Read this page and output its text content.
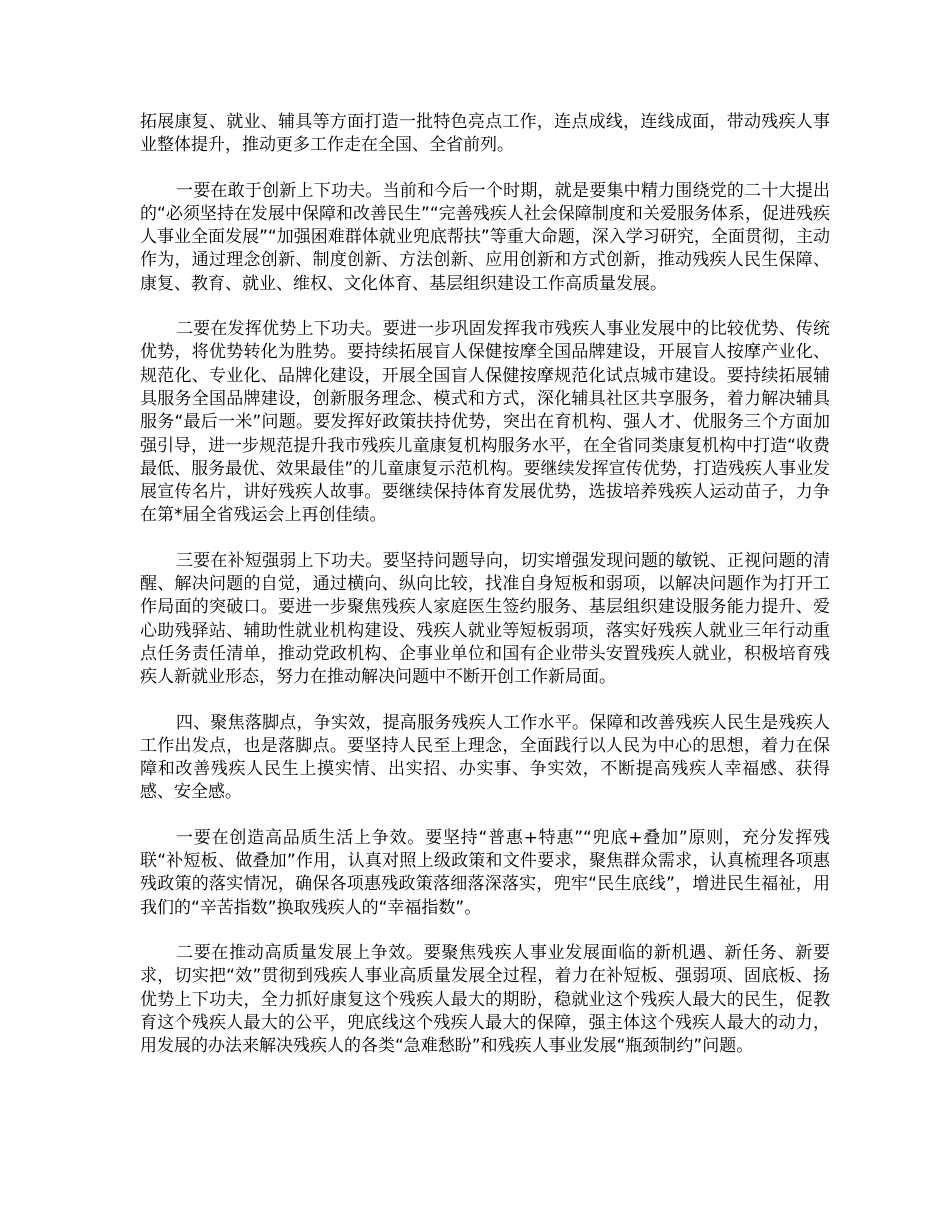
拓展康复、就业、辅具等方面打造一批特色亮点工作，连点成线，连线成面，带动残疾人事业整体提升，推动更多工作走在全国、全省前列。

一要在敢于创新上下功夫。当前和今后一个时期，就是要集中精力围绕党的二十大提出的“必须坚持在发展中保障和改善民生”“完善残疾人社会保障制度和关爱服务体系，促进残疾人事业全面发展”“加强困难群体就业兜底帮扶”等重大命题，深入学习研究，全面贯彻，主动作为，通过理念创新、制度创新、方法创新、应用创新和方式创新，推动残疾人民生保障、康复、教育、就业、维权、文化体育、基层组织建设工作高质量发展。

二要在发挥优势上下功夫。要进一步巩固发挥我市残疾人事业发展中的比较优势、传统优势，将优势转化为胜势。要持续拓展盲人保健按摩全国品牌建设，开展盲人按摩产业化、规范化、专业化、品牌化建设，开展全国盲人保健按摩规范化试点城市建设。要持续拓展辅具服务全国品牌建设，创新服务理念、模式和方式，深化辅具社区共享服务，着力解决辅具服务“最后一米”问题。要发挥好政策扶持优势，突出在育机构、强人才、优服务三个方面加强引导，进一步规范提升我市残疾儿童康复机构服务水平，在全省同类康复机构中打造“收费最低、服务最优、效果最佳”的儿童康复示范机构。要继续发挥宣传优势，打造残疾人事业发展宣传名片，讲好残疾人故事。要继续保持体育发展优势，选拔培养残疾人运动苗子，力争在第*届全省残运会上再创佳绩。

三要在补短强弱上下功夫。要坚持问题导向，切实增强发现问题的敏锐、正视问题的清醒、解决问题的自觉，通过横向、纵向比较，找准自身短板和弱项，以解决问题作为打开工作局面的突破口。要进一步聚焦残疾人家庭医生签约服务、基层组织建设服务能力提升、爱心助残驿站、辅助性就业机构建设、残疾人就业等短板弱项，落实好残疾人就业三年行动重点任务责任清单，推动党政机构、企事业单位和国有企业带头安置残疾人就业，积极培育残疾人新就业形态，努力在推动解决问题中不断开创工作新局面。

四、聚焦落脚点，争实效，提高服务残疾人工作水平。保障和改善残疾人民生是残疾人工作出发点，也是落脚点。要坚持人民至上理念，全面践行以人民为中心的思想，着力在保障和改善残疾人民生上摸实情、出实招、办实事、争实效，不断提高残疾人幸福感、获得感、安全感。

一要在创造高品质生活上争效。要坚持“普惠+特惠”“兜底+叠加”原则，充分发挥残联“补短板、做叠加”作用，认真对照上级政策和文件要求，聚焦群众需求，认真梳理各项惠残政策的落实情况，确保各项惠残政策落细落深落实，兜牢“民生底线”，增进民生福祉，用我们的“辛苦指数”换取残疾人的“幸福指数”。

二要在推动高质量发展上争效。要聚焦残疾人事业发展面临的新机遇、新任务、新要求，切实把“效”贯彻到残疾人事业高质量发展全过程，着力在补短板、强弱项、固底板、扬优势上下功夫，全力抓好康复这个残疾人最大的期盼，稳就业这个残疾人最大的民生，促教育这个残疾人最大的公平，兜底线这个残疾人最大的保障，强主体这个残疾人最大的动力，用发展的办法来解决残疾人的各类“急难愁盼”和残疾人事业发展“瓶颈制约”问题。
